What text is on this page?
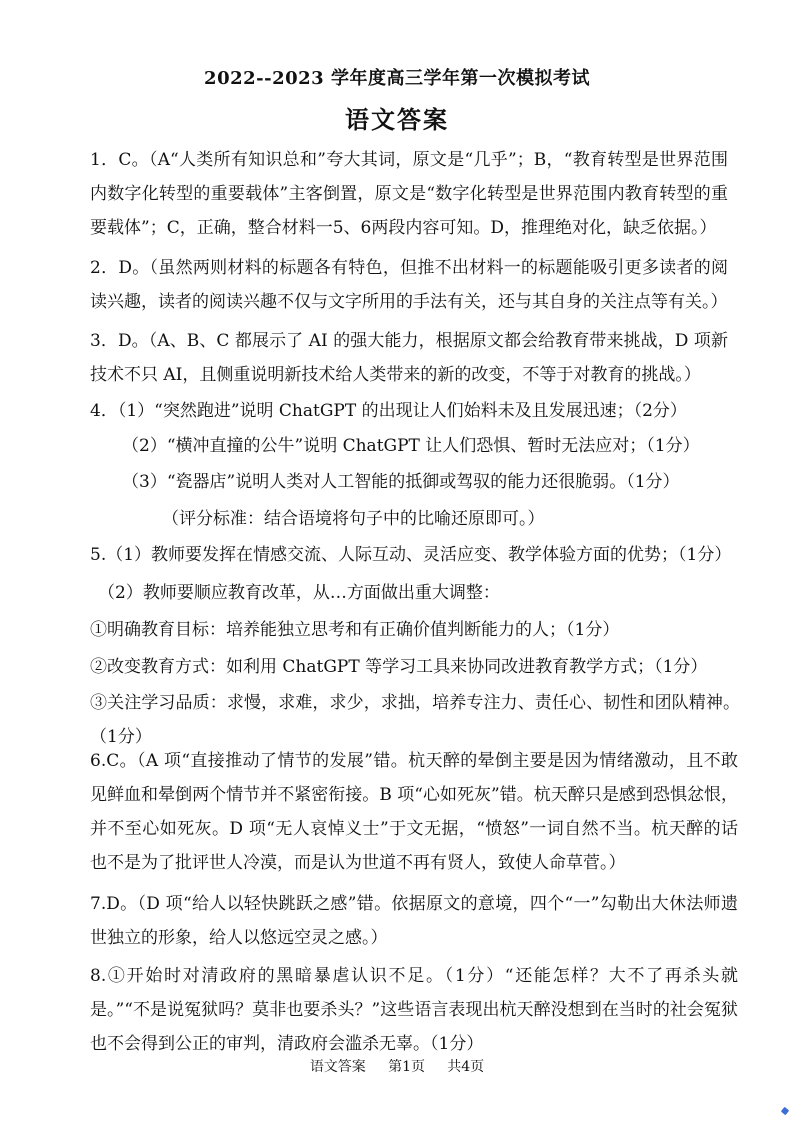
2022--2023 学年度高三学年第一次模拟考试
语文答案

1．C。（A“人类所有知识总和”夸大其词，原文是“几乎”；B，“教育转型是世界范围内数字化转型的重要载体”主客倒置，原文是“数字化转型是世界范围内教育转型的重要载体”；C，正确，整合材料一5、6两段内容可知。D，推理绝对化，缺乏依据。）

2．D。（虽然两则材料的标题各有特色，但推不出材料一的标题能吸引更多读者的阅读兴趣，读者的阅读兴趣不仅与文字所用的手法有关，还与其自身的关注点等有关。）

3．D。（A、B、C 都展示了 AI 的强大能力，根据原文都会给教育带来挑战，D 项新技术不只 AI，且侧重说明新技术给人类带来的新的改变，不等于对教育的挑战。）

4．（1）“突然跑进”说明 ChatGPT 的出现让人们始料未及且发展迅速；（2分）

（2）“横冲直撞的公牛”说明 ChatGPT 让人们恐惧、暂时无法应对；（1分）

（3）“瓷器店”说明人类对人工智能的抵御或驾驭的能力还很脆弱。（1分）

（评分标准：结合语境将句子中的比喻还原即可。）

5.（1）教师要发挥在情感交流、人际互动、灵活应变、教学体验方面的优势；（1分）

（2）教师要顺应教育改革，从…方面做出重大调整：

①明确教育目标：培养能独立思考和有正确价值判断能力的人；（1分）

②改变教育方式：如利用 ChatGPT 等学习工具来协同改进教育教学方式；（1分）

③关注学习品质：求慢，求难，求少，求拙，培养专注力、责任心、韧性和团队精神。（1分）

6.C。（A 项“直接推动了情节的发展”错。杭天醉的晕倒主要是因为情绪激动，且不敢见鲜血和晕倒两个情节并不紧密衔接。B 项“心如死灰”错。杭天醉只是感到恐惧忿恨，并不至心如死灰。D 项“无人哀悼义士”于文无据，“愤怒”一词自然不当。杭天醉的话也不是为了批评世人冷漠，而是认为世道不再有贤人，致使人命草菅。）

7.D。（D 项“给人以轻快跳跃之感”错。依据原文的意境，四个“一”勾勒出大休法师遗世独立的形象，给人以悠远空灵之感。）

8.①开始时对清政府的黑暗暴虐认识不足。（1分）“还能怎样？大不了再杀头就是。”“不是说冤狱吗？莫非也要杀头？”这些语言表现出杭天醉没想到在当时的社会冤狱也不会得到公正的审判，清政府会滥杀无辜。（1分）

语文答案 第1页 共4页
